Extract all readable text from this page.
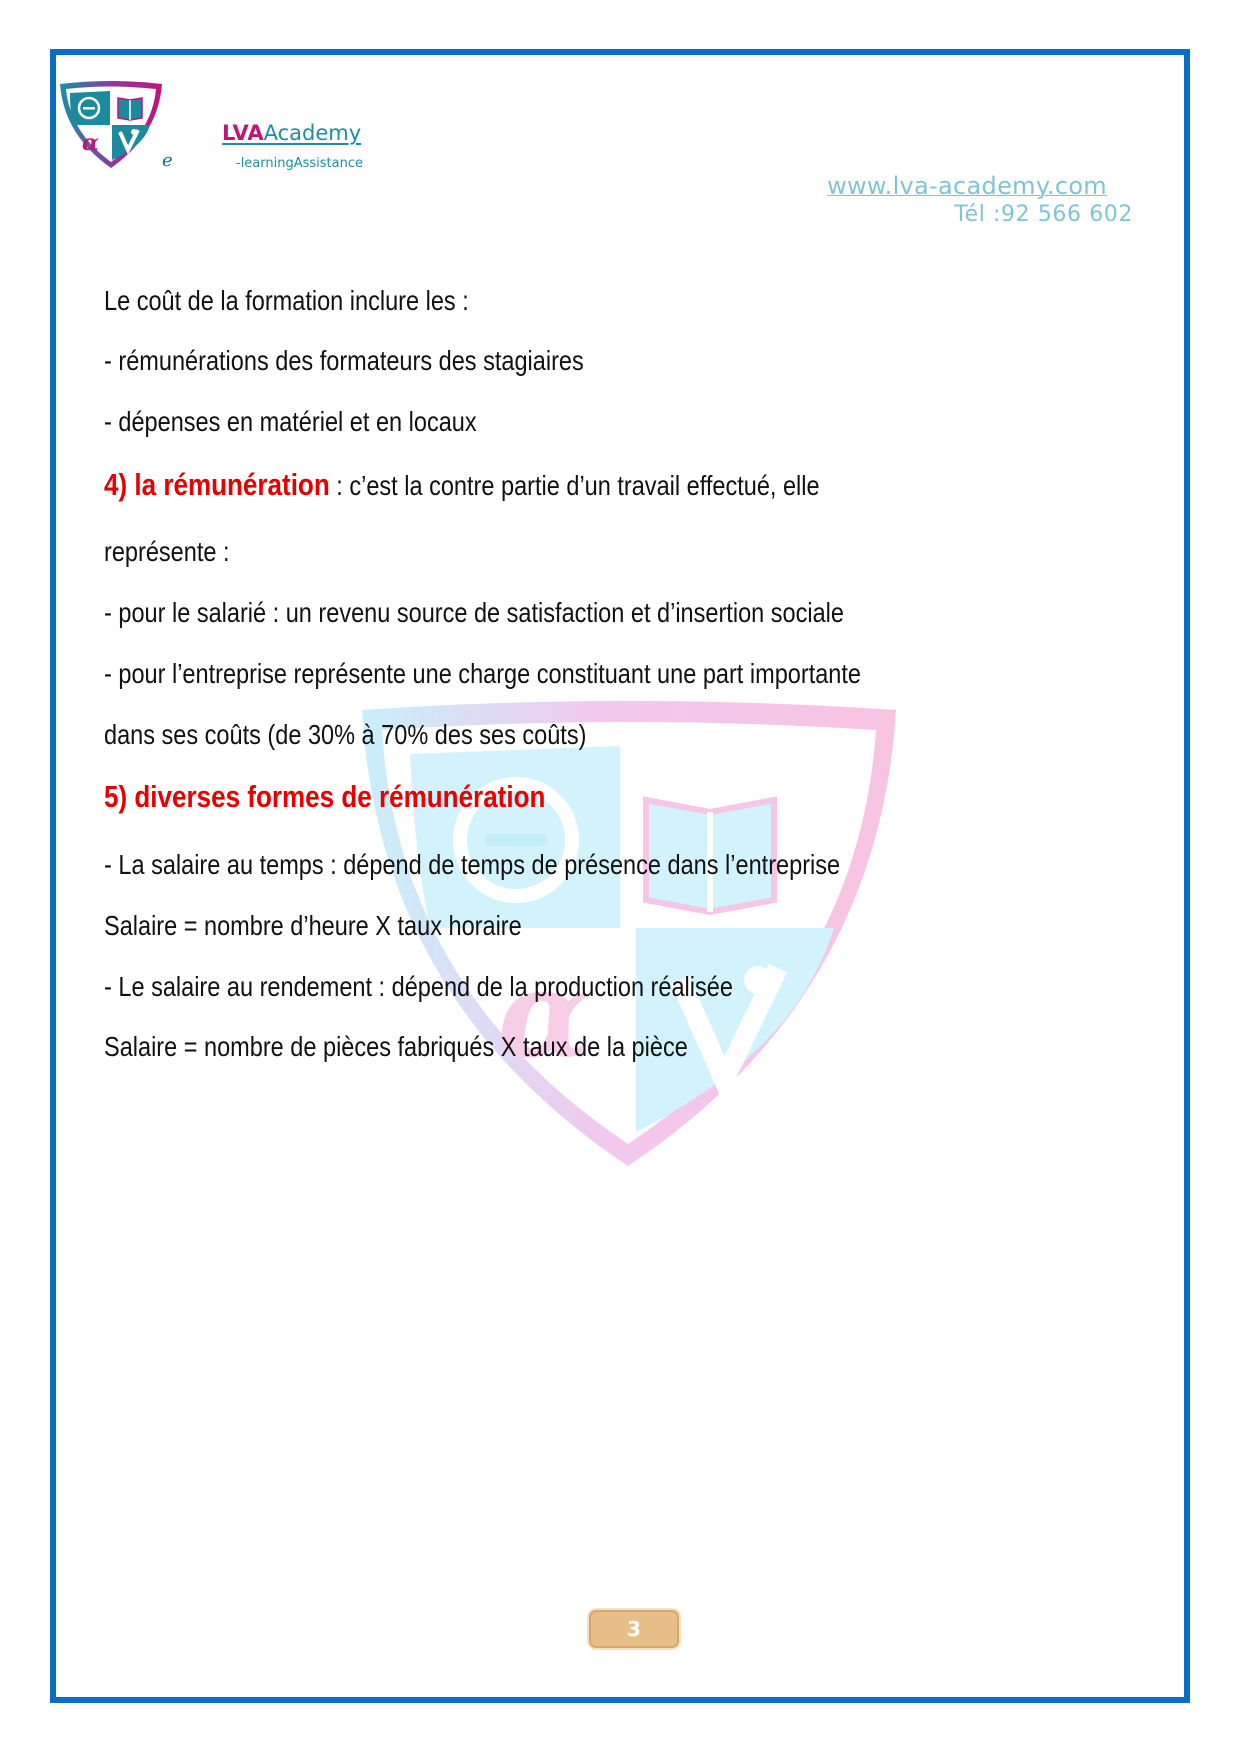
α
e
LVAAcademy
-learningAssistance
www.lva-academy.com
Tél :92 566 602
α
Le coût de la formation inclure les :
- rémunérations des formateurs des stagiaires
- dépenses en matériel et en locaux
4) la rémunération : c’est la contre partie d’un travail effectué, elle
représente :
- pour le salarié : un revenu source de satisfaction et d’insertion sociale
- pour l’entreprise représente une charge constituant une part importante
dans ses coûts (de 30% à 70% des ses coûts)
5) diverses formes de rémunération
- La salaire au temps : dépend de temps de présence dans l’entreprise
Salaire = nombre d’heure X taux horaire
- Le salaire au rendement : dépend de la production réalisée
Salaire = nombre de pièces fabriqués X taux de la pièce
3
